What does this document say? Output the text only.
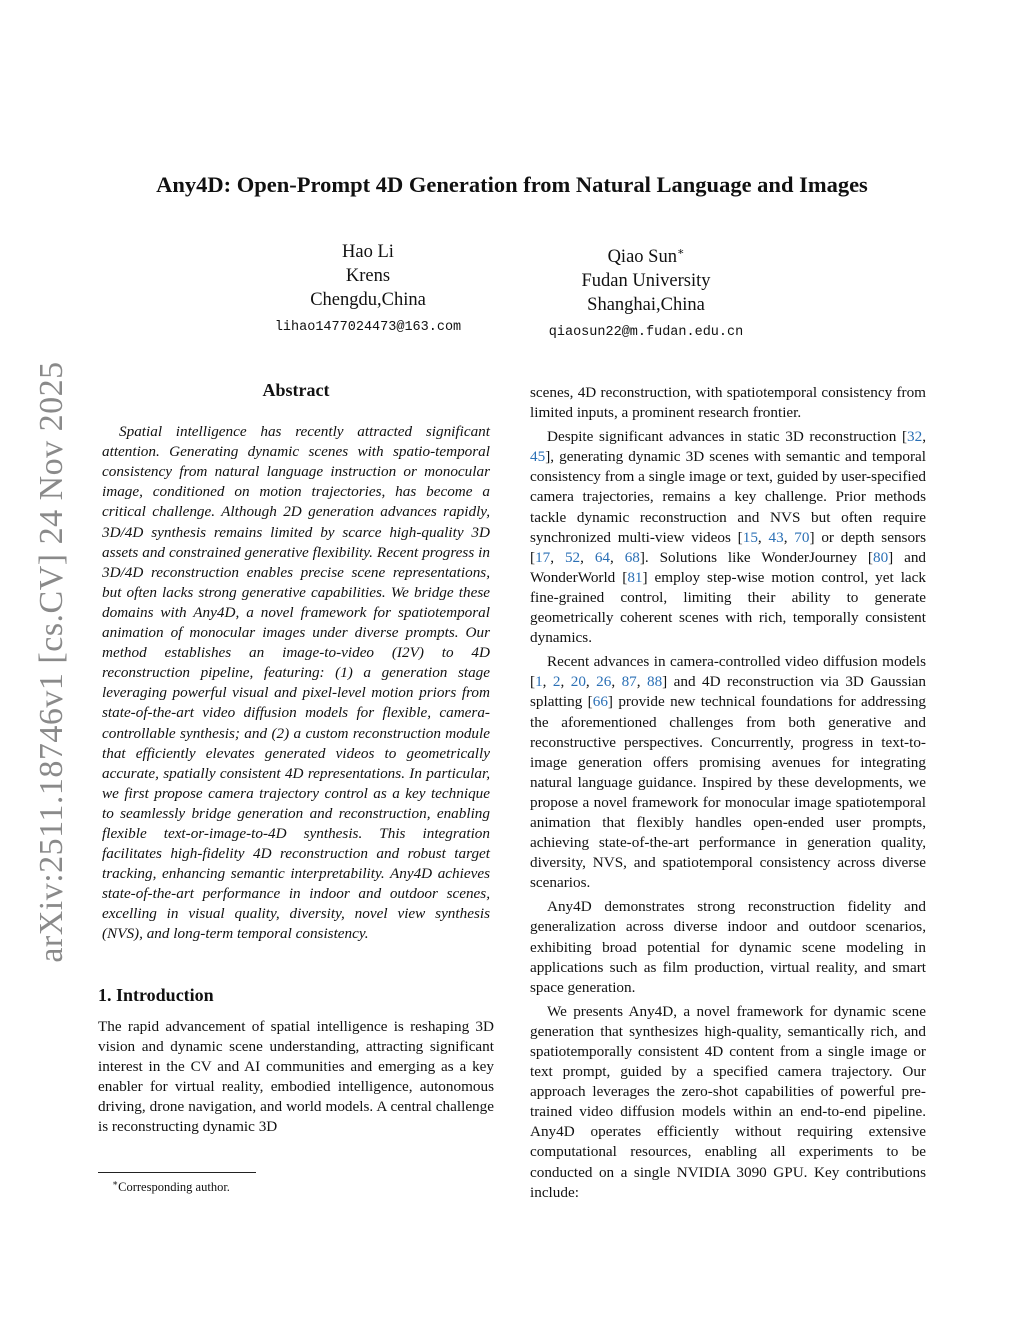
arXiv:2511.18746v1 [cs.CV] 24 Nov 2025
Any4D: Open-Prompt 4D Generation from Natural Language and Images
Hao Li
Krens
Chengdu,China
lihao1477024473@163.com
Qiao Sun∗
Fudan University
Shanghai,China
qiaosun22@m.fudan.edu.cn
Abstract

Spatial intelligence has recently attracted significant attention. Generating dynamic scenes with spatio-temporal consistency from natural language instruction or monocular image, conditioned on motion trajectories, has become a critical challenge. Although 2D generation advances rapidly, 3D/4D synthesis remains limited by scarce high-quality 3D assets and constrained generative flexibility. Recent progress in 3D/4D reconstruction enables precise scene representations, but often lacks strong generative capabilities. We bridge these domains with Any4D, a novel framework for spatiotemporal animation of monocular images under diverse prompts. Our method establishes an image-to-video (I2V) to 4D reconstruction pipeline, featuring: (1) a generation stage leveraging powerful visual and pixel-level motion priors from state-of-the-art video diffusion models for flexible, camera-controllable synthesis; and (2) a custom reconstruction module that efficiently elevates generated videos to geometrically accurate, spatially consistent 4D representations. In particular, we first propose camera trajectory control as a key technique to seamlessly bridge generation and reconstruction, enabling flexible text-or-image-to-4D synthesis. This integration facilitates high-fidelity 4D reconstruction and robust target tracking, enhancing semantic interpretability. Any4D achieves state-of-the-art performance in indoor and outdoor scenes, excelling in visual quality, diversity, novel view synthesis (NVS), and long-term temporal consistency.

1. Introduction

The rapid advancement of spatial intelligence is reshaping 3D vision and dynamic scene understanding, attracting significant interest in the CV and AI communities and emerging as a key enabler for virtual reality, embodied intelligence, autonomous driving, drone navigation, and world models. A central challenge is reconstructing dynamic 3D

scenes, 4D reconstruction, with spatiotemporal consistency from limited inputs, a prominent research frontier.

Despite significant advances in static 3D reconstruction [32, 45], generating dynamic 3D scenes with semantic and temporal consistency from a single image or text, guided by user-specified camera trajectories, remains a key challenge. Prior methods tackle dynamic reconstruction and NVS but often require synchronized multi-view videos [15, 43, 70] or depth sensors [17, 52, 64, 68]. Solutions like WonderJourney [80] and WonderWorld [81] employ step-wise motion control, yet lack fine-grained control, limiting their ability to generate geometrically coherent scenes with rich, temporally consistent dynamics.

Recent advances in camera-controlled video diffusion models [1, 2, 20, 26, 87, 88] and 4D reconstruction via 3D Gaussian splatting [66] provide new technical foundations for addressing the aforementioned challenges from both generative and reconstructive perspectives. Concurrently, progress in text-to-image generation offers promising avenues for integrating natural language guidance. Inspired by these developments, we propose a novel framework for monocular image spatiotemporal animation that flexibly handles open-ended user prompts, achieving state-of-the-art performance in generation quality, diversity, NVS, and spatiotemporal consistency across diverse scenarios.

Any4D demonstrates strong reconstruction fidelity and generalization across diverse indoor and outdoor scenarios, exhibiting broad potential for dynamic scene modeling in applications such as film production, virtual reality, and smart space generation.

We presents Any4D, a novel framework for dynamic scene generation that synthesizes high-quality, semantically rich, and spatiotemporally consistent 4D content from a single image or text prompt, guided by a specified camera trajectory. Our approach leverages the zero-shot capabilities of powerful pre-trained video diffusion models within an end-to-end pipeline. Any4D operates efficiently without requiring extensive computational resources, enabling all experiments to be conducted on a single NVIDIA 3090 GPU. Key contributions include:

∗Corresponding author.
